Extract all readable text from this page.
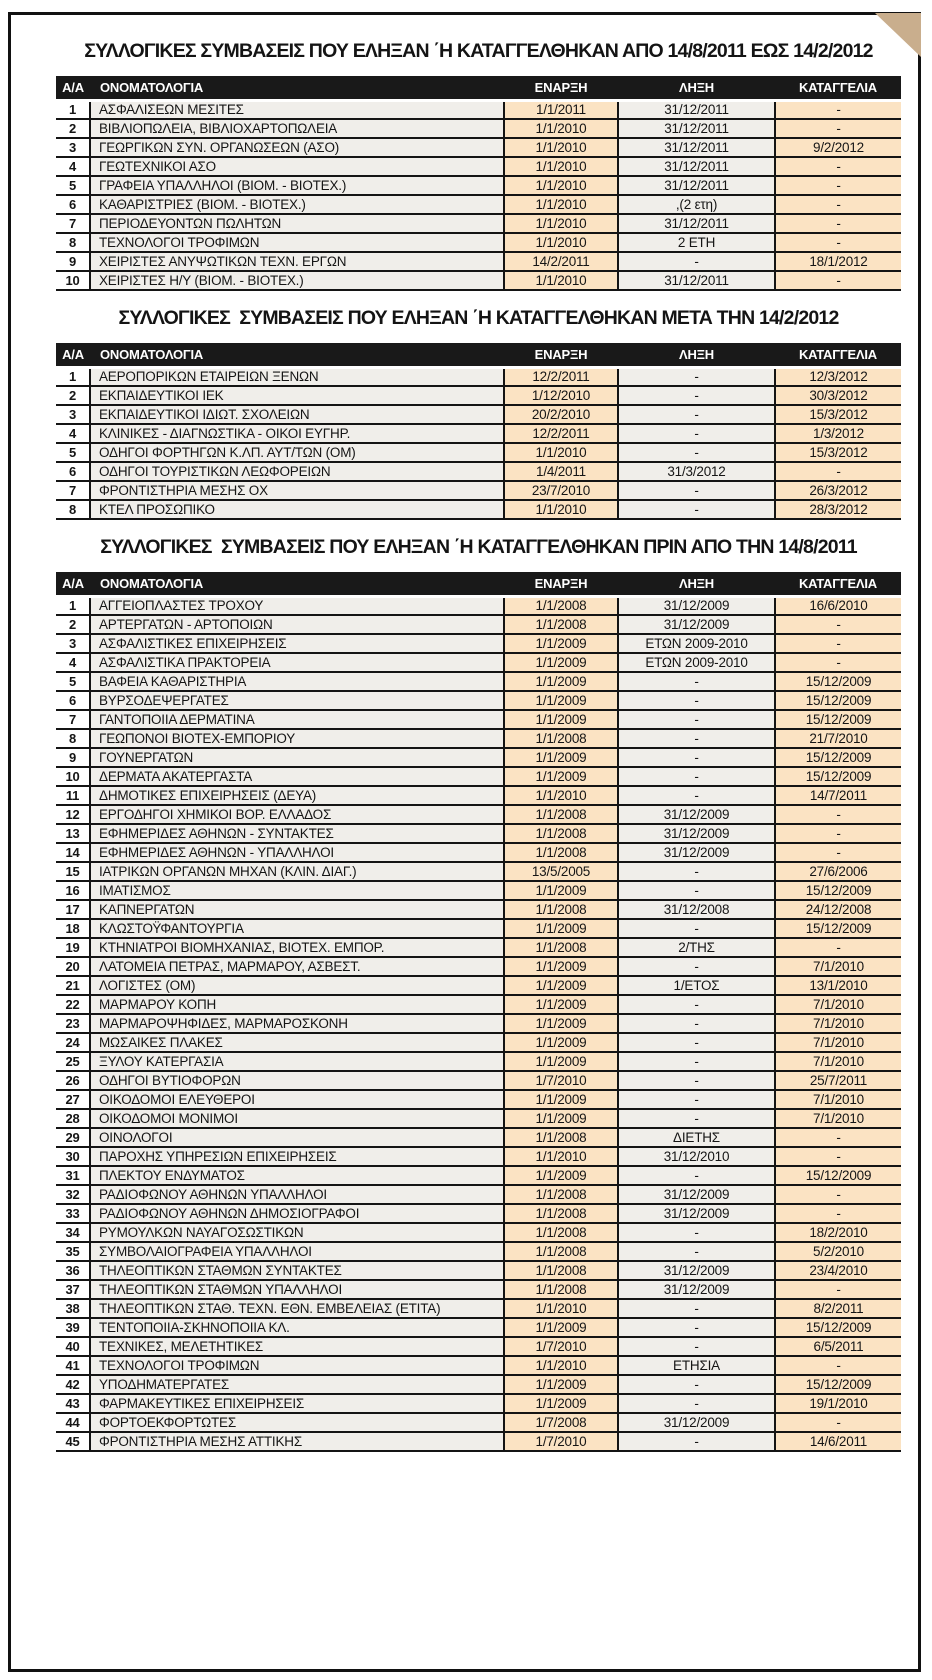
ΣΥΛΛΟΓΙΚΕΣ ΣΥΜΒΑΣΕΙΣ ΠΟΥ ΕΛΗΞΑΝ ΄Η ΚΑΤΑΓΓΕΛΘΗΚΑΝ ΑΠΟ 14/8/2011 ΕΩΣ 14/2/2012
Α/Α	ΟΝΟΜΑΤΟΛΟΓΙΑ	ΕΝΑΡΞΗ	ΛΗΞΗ	ΚΑΤΑΓΓΕΛΙΑ
1	ΑΣΦΑΛΙΣΕΩΝ ΜΕΣΙΤΕΣ	1/1/2011	31/12/2011	-
2	ΒΙΒΛΙΟΠΩΛΕΙΑ, ΒΙΒΛΙΟΧΑΡΤΟΠΩΛΕΙΑ	1/1/2010	31/12/2011	-
3	ΓΕΩΡΓΙΚΩΝ ΣΥΝ. ΟΡΓΑΝΩΣΕΩΝ (ΑΣΟ)	1/1/2010	31/12/2011	9/2/2012
4	ΓΕΩΤΕΧΝΙΚΟΙ ΑΣΟ	1/1/2010	31/12/2011	-
5	ΓΡΑΦΕΙΑ ΥΠΑΛΛΗΛΟΙ (ΒΙΟΜ. - ΒΙΟΤΕΧ.)	1/1/2010	31/12/2011	-
6	ΚΑΘΑΡΙΣΤΡΙΕΣ (ΒΙΟΜ. - ΒΙΟΤΕΧ.)	1/1/2010	,(2 ετη)	-
7	ΠΕΡΙΟΔΕΥΟΝΤΩΝ ΠΩΛΗΤΩΝ	1/1/2010	31/12/2011	-
8	ΤΕΧΝΟΛΟΓΟΙ ΤΡΟΦΙΜΩΝ	1/1/2010	2 ΕΤΗ	-
9	ΧΕΙΡΙΣΤΕΣ ΑΝΥΨΩΤΙΚΩΝ ΤΕΧΝ. ΕΡΓΩΝ	14/2/2011	-	18/1/2012
10	ΧΕΙΡΙΣΤΕΣ Η/Υ (ΒΙΟΜ. - ΒΙΟΤΕΧ.)	1/1/2010	31/12/2011	-
ΣΥΛΛΟΓΙΚΕΣ  ΣΥΜΒΑΣΕΙΣ ΠΟΥ ΕΛΗΞΑΝ ΄Η ΚΑΤΑΓΓΕΛΘΗΚΑΝ ΜΕΤΑ ΤΗΝ 14/2/2012
Α/Α	ΟΝΟΜΑΤΟΛΟΓΙΑ	ΕΝΑΡΞΗ	ΛΗΞΗ	ΚΑΤΑΓΓΕΛΙΑ
1	ΑΕΡΟΠΟΡΙΚΩΝ ΕΤΑΙΡΕΙΩΝ ΞΕΝΩΝ	12/2/2011	-	12/3/2012
2	ΕΚΠΑΙΔΕΥΤΙΚΟΙ ΙΕΚ	1/12/2010	-	30/3/2012
3	ΕΚΠΑΙΔΕΥΤΙΚΟΙ ΙΔΙΩΤ. ΣΧΟΛΕΙΩΝ	20/2/2010	-	15/3/2012
4	ΚΛΙΝΙΚΕΣ - ΔΙΑΓΝΩΣΤΙΚΑ - ΟΙΚΟΙ ΕΥΓΗΡ.	12/2/2011	-	1/3/2012
5	ΟΔΗΓΟΙ ΦΟΡΤΗΓΩΝ Κ.ΛΠ. ΑΥΤ/ΤΩΝ (ΟΜ)	1/1/2010	-	15/3/2012
6	ΟΔΗΓΟΙ ΤΟΥΡΙΣΤΙΚΩΝ ΛΕΩΦΟΡΕΙΩΝ	1/4/2011	31/3/2012	-
7	ΦΡΟΝΤΙΣΤΗΡΙΑ ΜΕΣΗΣ ΟΧ	23/7/2010	-	26/3/2012
8	ΚΤΕΛ ΠΡΟΣΩΠΙΚΟ	1/1/2010	-	28/3/2012
ΣΥΛΛΟΓΙΚΕΣ  ΣΥΜΒΑΣΕΙΣ ΠΟΥ ΕΛΗΞΑΝ ΄Η ΚΑΤΑΓΓΕΛΘΗΚΑΝ ΠΡΙΝ ΑΠΟ ΤΗΝ 14/8/2011
Α/Α	ΟΝΟΜΑΤΟΛΟΓΙΑ	ΕΝΑΡΞΗ	ΛΗΞΗ	ΚΑΤΑΓΓΕΛΙΑ
1	ΑΓΓΕΙΟΠΛΑΣΤΕΣ ΤΡΟΧΟΥ	1/1/2008	31/12/2009	16/6/2010
2	ΑΡΤΕΡΓΑΤΩΝ - ΑΡΤΟΠΟΙΩΝ	1/1/2008	31/12/2009	-
3	ΑΣΦΑΛΙΣΤΙΚΕΣ ΕΠΙΧΕΙΡΗΣΕΙΣ	1/1/2009	ΕΤΩΝ 2009-2010	-
4	ΑΣΦΑΛΙΣΤΙΚΑ ΠΡΑΚΤΟΡΕΙΑ	1/1/2009	ΕΤΩΝ 2009-2010	-
5	ΒΑΦΕΙΑ ΚΑΘΑΡΙΣΤΗΡΙΑ	1/1/2009	-	15/12/2009
6	ΒΥΡΣΟΔΕΨΕΡΓΑΤΕΣ	1/1/2009	-	15/12/2009
7	ΓΑΝΤΟΠΟΙΙΑ ΔΕΡΜΑΤΙΝΑ	1/1/2009	-	15/12/2009
8	ΓΕΩΠΟΝΟΙ ΒΙΟΤΕΧ-ΕΜΠΟΡΙΟΥ	1/1/2008	-	21/7/2010
9	ΓΟΥΝΕΡΓΑΤΩΝ	1/1/2009	-	15/12/2009
10	ΔΕΡΜΑΤΑ ΑΚΑΤΕΡΓΑΣΤΑ	1/1/2009	-	15/12/2009
11	ΔΗΜΟΤΙΚΕΣ ΕΠΙΧΕΙΡΗΣΕΙΣ (ΔΕΥΑ)	1/1/2010	-	14/7/2011
12	ΕΡΓΟΔΗΓΟΙ ΧΗΜΙΚΟΙ ΒΟΡ. ΕΛΛΑΔΟΣ	1/1/2008	31/12/2009	-
13	ΕΦΗΜΕΡΙΔΕΣ ΑΘΗΝΩΝ - ΣΥΝΤΑΚΤΕΣ	1/1/2008	31/12/2009	-
14	ΕΦΗΜΕΡΙΔΕΣ ΑΘΗΝΩΝ - ΥΠΑΛΛΗΛΟΙ	1/1/2008	31/12/2009	-
15	ΙΑΤΡΙΚΩΝ ΟΡΓΑΝΩΝ ΜΗΧΑΝ (ΚΛΙΝ. ΔΙΑΓ.)	13/5/2005	-	27/6/2006
16	ΙΜΑΤΙΣΜΟΣ	1/1/2009	-	15/12/2009
17	ΚΑΠΝΕΡΓΑΤΩΝ	1/1/2008	31/12/2008	24/12/2008
18	ΚΛΩΣΤΟΫΦΑΝΤΟΥΡΓΙΑ	1/1/2009	-	15/12/2009
19	ΚΤΗΝΙΑΤΡΟΙ ΒΙΟΜΗΧΑΝΙΑΣ, ΒΙΟΤΕΧ. ΕΜΠΟΡ.	1/1/2008	2/ΤΗΣ	-
20	ΛΑΤΟΜΕΙΑ ΠΕΤΡΑΣ, ΜΑΡΜΑΡΟΥ, ΑΣΒΕΣΤ.	1/1/2009	-	7/1/2010
21	ΛΟΓΙΣΤΕΣ (ΟΜ)	1/1/2009	1/ΕΤΟΣ	13/1/2010
22	ΜΑΡΜΑΡΟΥ ΚΟΠΗ	1/1/2009	-	7/1/2010
23	ΜΑΡΜΑΡΟΨΗΦΙΔΕΣ, ΜΑΡΜΑΡΟΣΚΟΝΗ	1/1/2009	-	7/1/2010
24	ΜΩΣΑΙΚΕΣ ΠΛΑΚΕΣ	1/1/2009	-	7/1/2010
25	ΞΥΛΟΥ ΚΑΤΕΡΓΑΣΙΑ	1/1/2009	-	7/1/2010
26	ΟΔΗΓΟΙ ΒΥΤΙΟΦΟΡΩΝ	1/7/2010	-	25/7/2011
27	ΟΙΚΟΔΟΜΟΙ ΕΛΕΥΘΕΡΟΙ	1/1/2009	-	7/1/2010
28	ΟΙΚΟΔΟΜΟΙ ΜΟΝΙΜΟΙ	1/1/2009	-	7/1/2010
29	ΟΙΝΟΛΟΓΟΙ	1/1/2008	ΔΙΕΤΗΣ	-
30	ΠΑΡΟΧΗΣ ΥΠΗΡΕΣΙΩΝ ΕΠΙΧΕΙΡΗΣΕΙΣ	1/1/2010	31/12/2010	-
31	ΠΛΕΚΤΟΥ ΕΝΔΥΜΑΤΟΣ	1/1/2009	-	15/12/2009
32	ΡΑΔΙΟΦΩΝΟΥ ΑΘΗΝΩΝ ΥΠΑΛΛΗΛΟΙ	1/1/2008	31/12/2009	-
33	ΡΑΔΙΟΦΩΝΟΥ ΑΘΗΝΩΝ ΔΗΜΟΣΙΟΓΡΑΦΟΙ	1/1/2008	31/12/2009	-
34	ΡΥΜΟΥΛΚΩΝ ΝΑΥΑΓΟΣΩΣΤΙΚΩΝ	1/1/2008	-	18/2/2010
35	ΣΥΜΒΟΛΑΙΟΓΡΑΦΕΙΑ ΥΠΑΛΛΗΛΟΙ	1/1/2008	-	5/2/2010
36	ΤΗΛΕΟΠΤΙΚΩΝ ΣΤΑΘΜΩΝ ΣΥΝΤΑΚΤΕΣ	1/1/2008	31/12/2009	23/4/2010
37	ΤΗΛΕΟΠΤΙΚΩΝ ΣΤΑΘΜΩΝ ΥΠΑΛΛΗΛΟΙ	1/1/2008	31/12/2009	-
38	ΤΗΛΕΟΠΤΙΚΩΝ ΣΤΑΘ. ΤΕΧΝ. ΕΘΝ. ΕΜΒΕΛΕΙΑΣ (ΕΤΙΤΑ)	1/1/2010	-	8/2/2011
39	ΤΕΝΤΟΠΟΙΙΑ-ΣΚΗΝΟΠΟΙΙΑ ΚΛ.	1/1/2009	-	15/12/2009
40	ΤΕΧΝΙΚΕΣ, ΜΕΛΕΤΗΤΙΚΕΣ	1/7/2010	-	6/5/2011
41	ΤΕΧΝΟΛΟΓΟΙ ΤΡΟΦΙΜΩΝ	1/1/2010	ΕΤΗΣΙΑ	-
42	ΥΠΟΔΗΜΑΤΕΡΓΑΤΕΣ	1/1/2009	-	15/12/2009
43	ΦΑΡΜΑΚΕΥΤΙΚΕΣ ΕΠΙΧΕΙΡΗΣΕΙΣ	1/1/2009	-	19/1/2010
44	ΦΟΡΤΟΕΚΦΟΡΤΩΤΕΣ	1/7/2008	31/12/2009	-
45	ΦΡΟΝΤΙΣΤΗΡΙΑ ΜΕΣΗΣ ΑΤΤΙΚΗΣ	1/7/2010	-	14/6/2011
